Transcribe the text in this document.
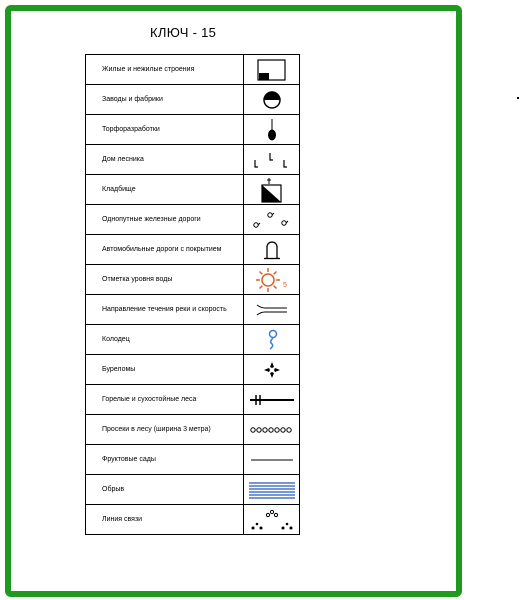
КЛЮЧ - 15
Жилые и нежилые строения	

Заводы и фабрики	

Торфоразработки	

Дом лесника	

Кладбище	

Однопутные железные дороги	

Автомобильные дороги с покрытием	

Отметка уровня воды	5

Направление течения реки и скорость	

Колодец	

Буреломы	

Горелые и сухостойные леса	

Просеки в лесу (ширина 3 метра)	

Фруктовые сады	

Обрыв	

Линия связи	
